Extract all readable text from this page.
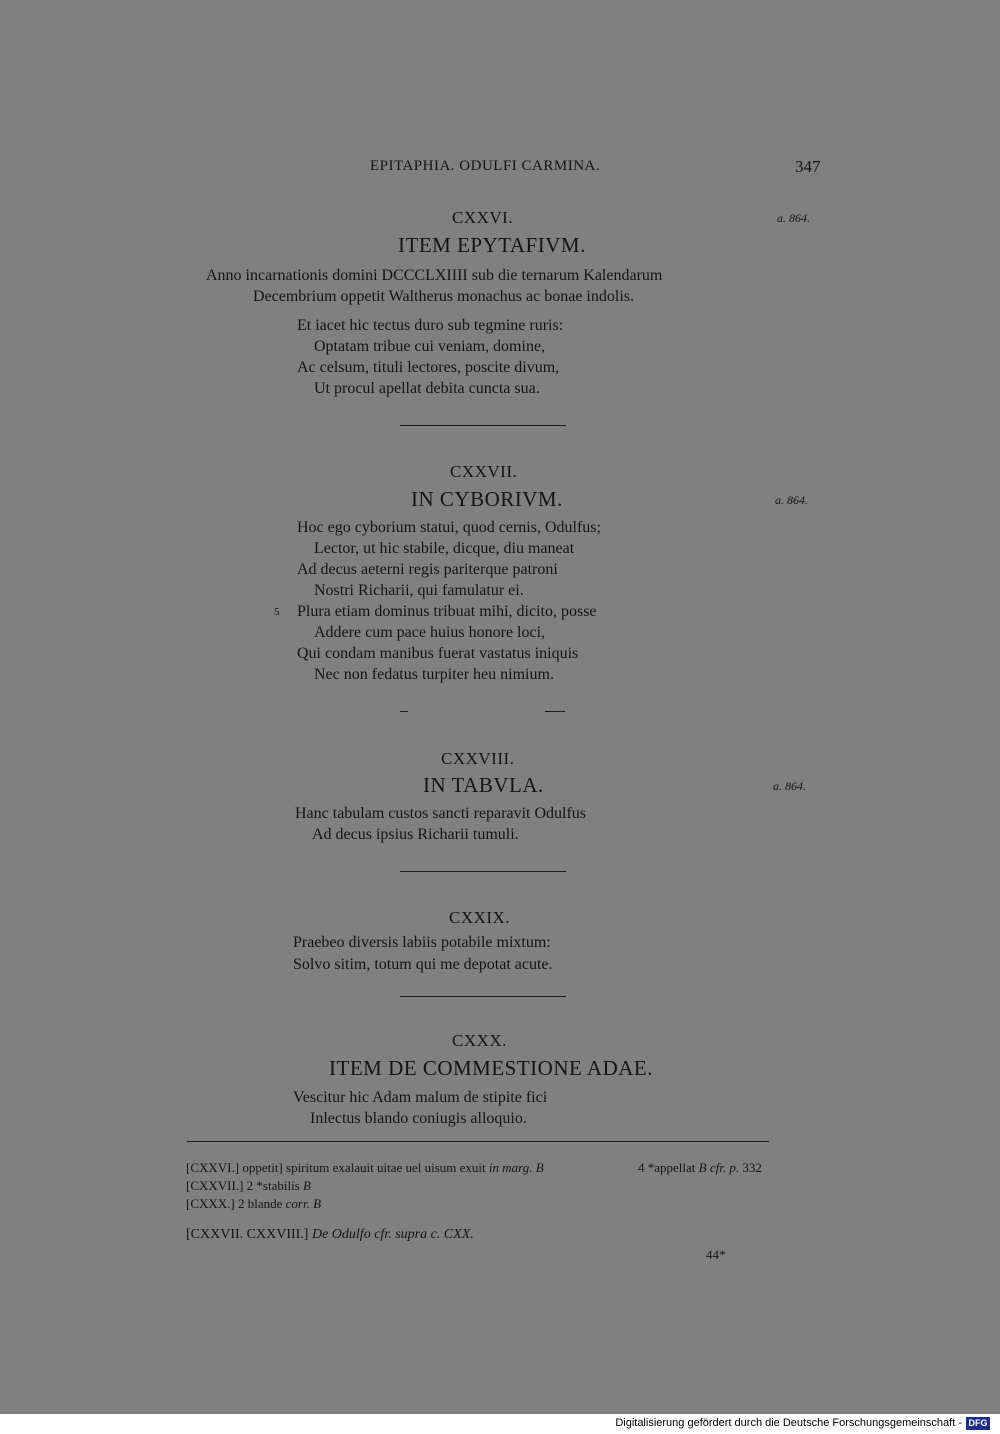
EPITAPHIA. ODULFI CARMINA.	347
CXXVI.	a. 864.
ITEM EPYTAFIVM.
Anno incarnationis domini DCCCLXIIII sub die ternarum Kalendarum
Decembrium oppetit Waltherus monachus ac bonae indolis.
Et iacet hic tectus duro sub tegmine ruris:
Optatam tribue cui veniam, domine,
Ac celsum, tituli lectores, poscite divum,
Ut procul apellat debita cuncta sua.
CXXVII.
IN CYBORIVM.	a. 864.
Hoc ego cyborium statui, quod cernis, Odulfus;
Lector, ut hic stabile, dicque, diu maneat
Ad decus aeterni regis pariterque patroni
Nostri Richarii, qui famulatur ei.
5 Plura etiam dominus tribuat mihi, dicito, posse
Addere cum pace huius honore loci,
Qui condam manibus fuerat vastatus iniquis
Nec non fedatus turpiter heu nimium.
CXXVIII.
IN TABVLA.	a. 864.
Hanc tabulam custos sancti reparavit Odulfus
Ad decus ipsius Richarii tumuli.
CXXIX.
Praebeo diversis labiis potabile mixtum:
Solvo sitim, totum qui me depotat acute.
CXXX.
ITEM DE COMMESTIONE ADAE.
Vescitur hic Adam malum de stipite fici
Inlectus blando coniugis alloquio.
[CXXVI.] oppetit] spiritum exalauit uitae uel uisum exuit in marg. B	4 *appellat B cfr. p. 332
[CXXVII.] 2 *stabilis B
[CXXX.] 2 blande corr. B
[CXXVII. CXXVIII.] De Odulfo cfr. supra c. CXX.
44*
Digitalisierung gefördert durch die Deutsche Forschungsgemeinschaft - DFG
